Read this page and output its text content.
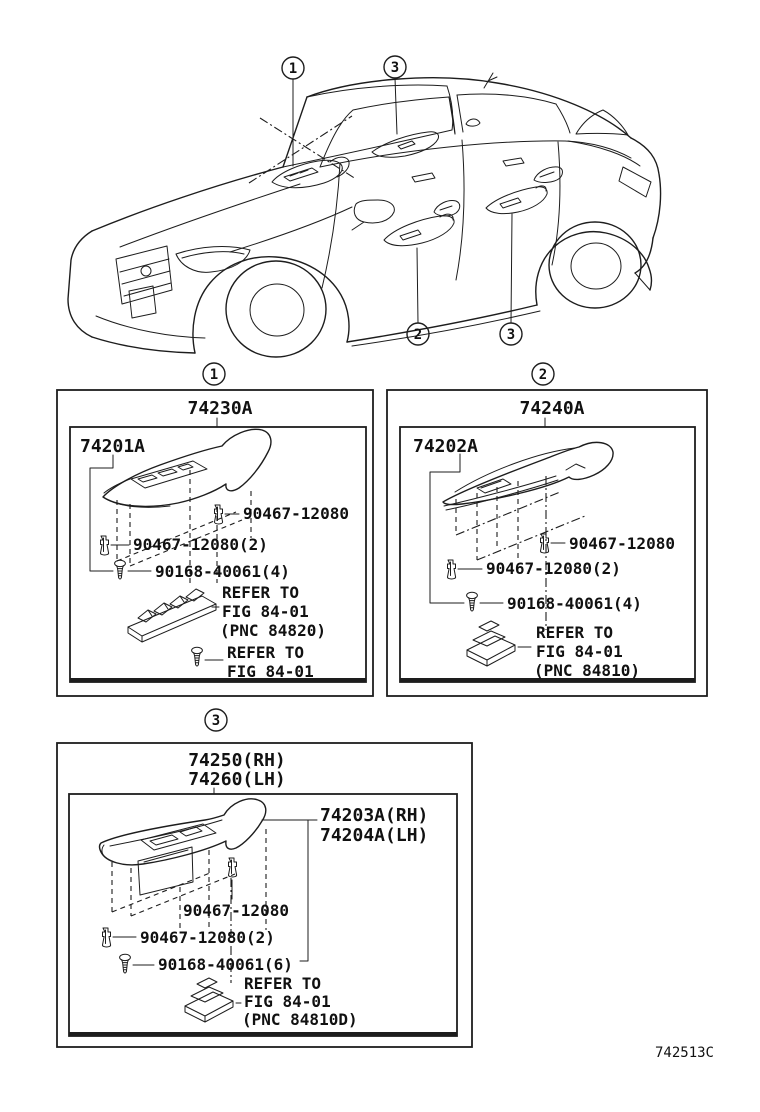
1	3
2	3
1
74230A
74201A
90467-12080
90467-12080(2)
90168-40061(4)
REFER TO
FIG 84-01
(PNC 84820)
REFER TO
FIG 84-01
2
74240A
74202A
90467-12080
90467-12080(2)
90168-40061(4)
REFER TO
FIG 84-01
(PNC 84810)
3
74250(RH)
74260(LH)
74203A(RH)
74204A(LH)
90467-12080
90467-12080(2)
90168-40061(6)
REFER TO
FIG 84-01
(PNC 84810D)
742513C
